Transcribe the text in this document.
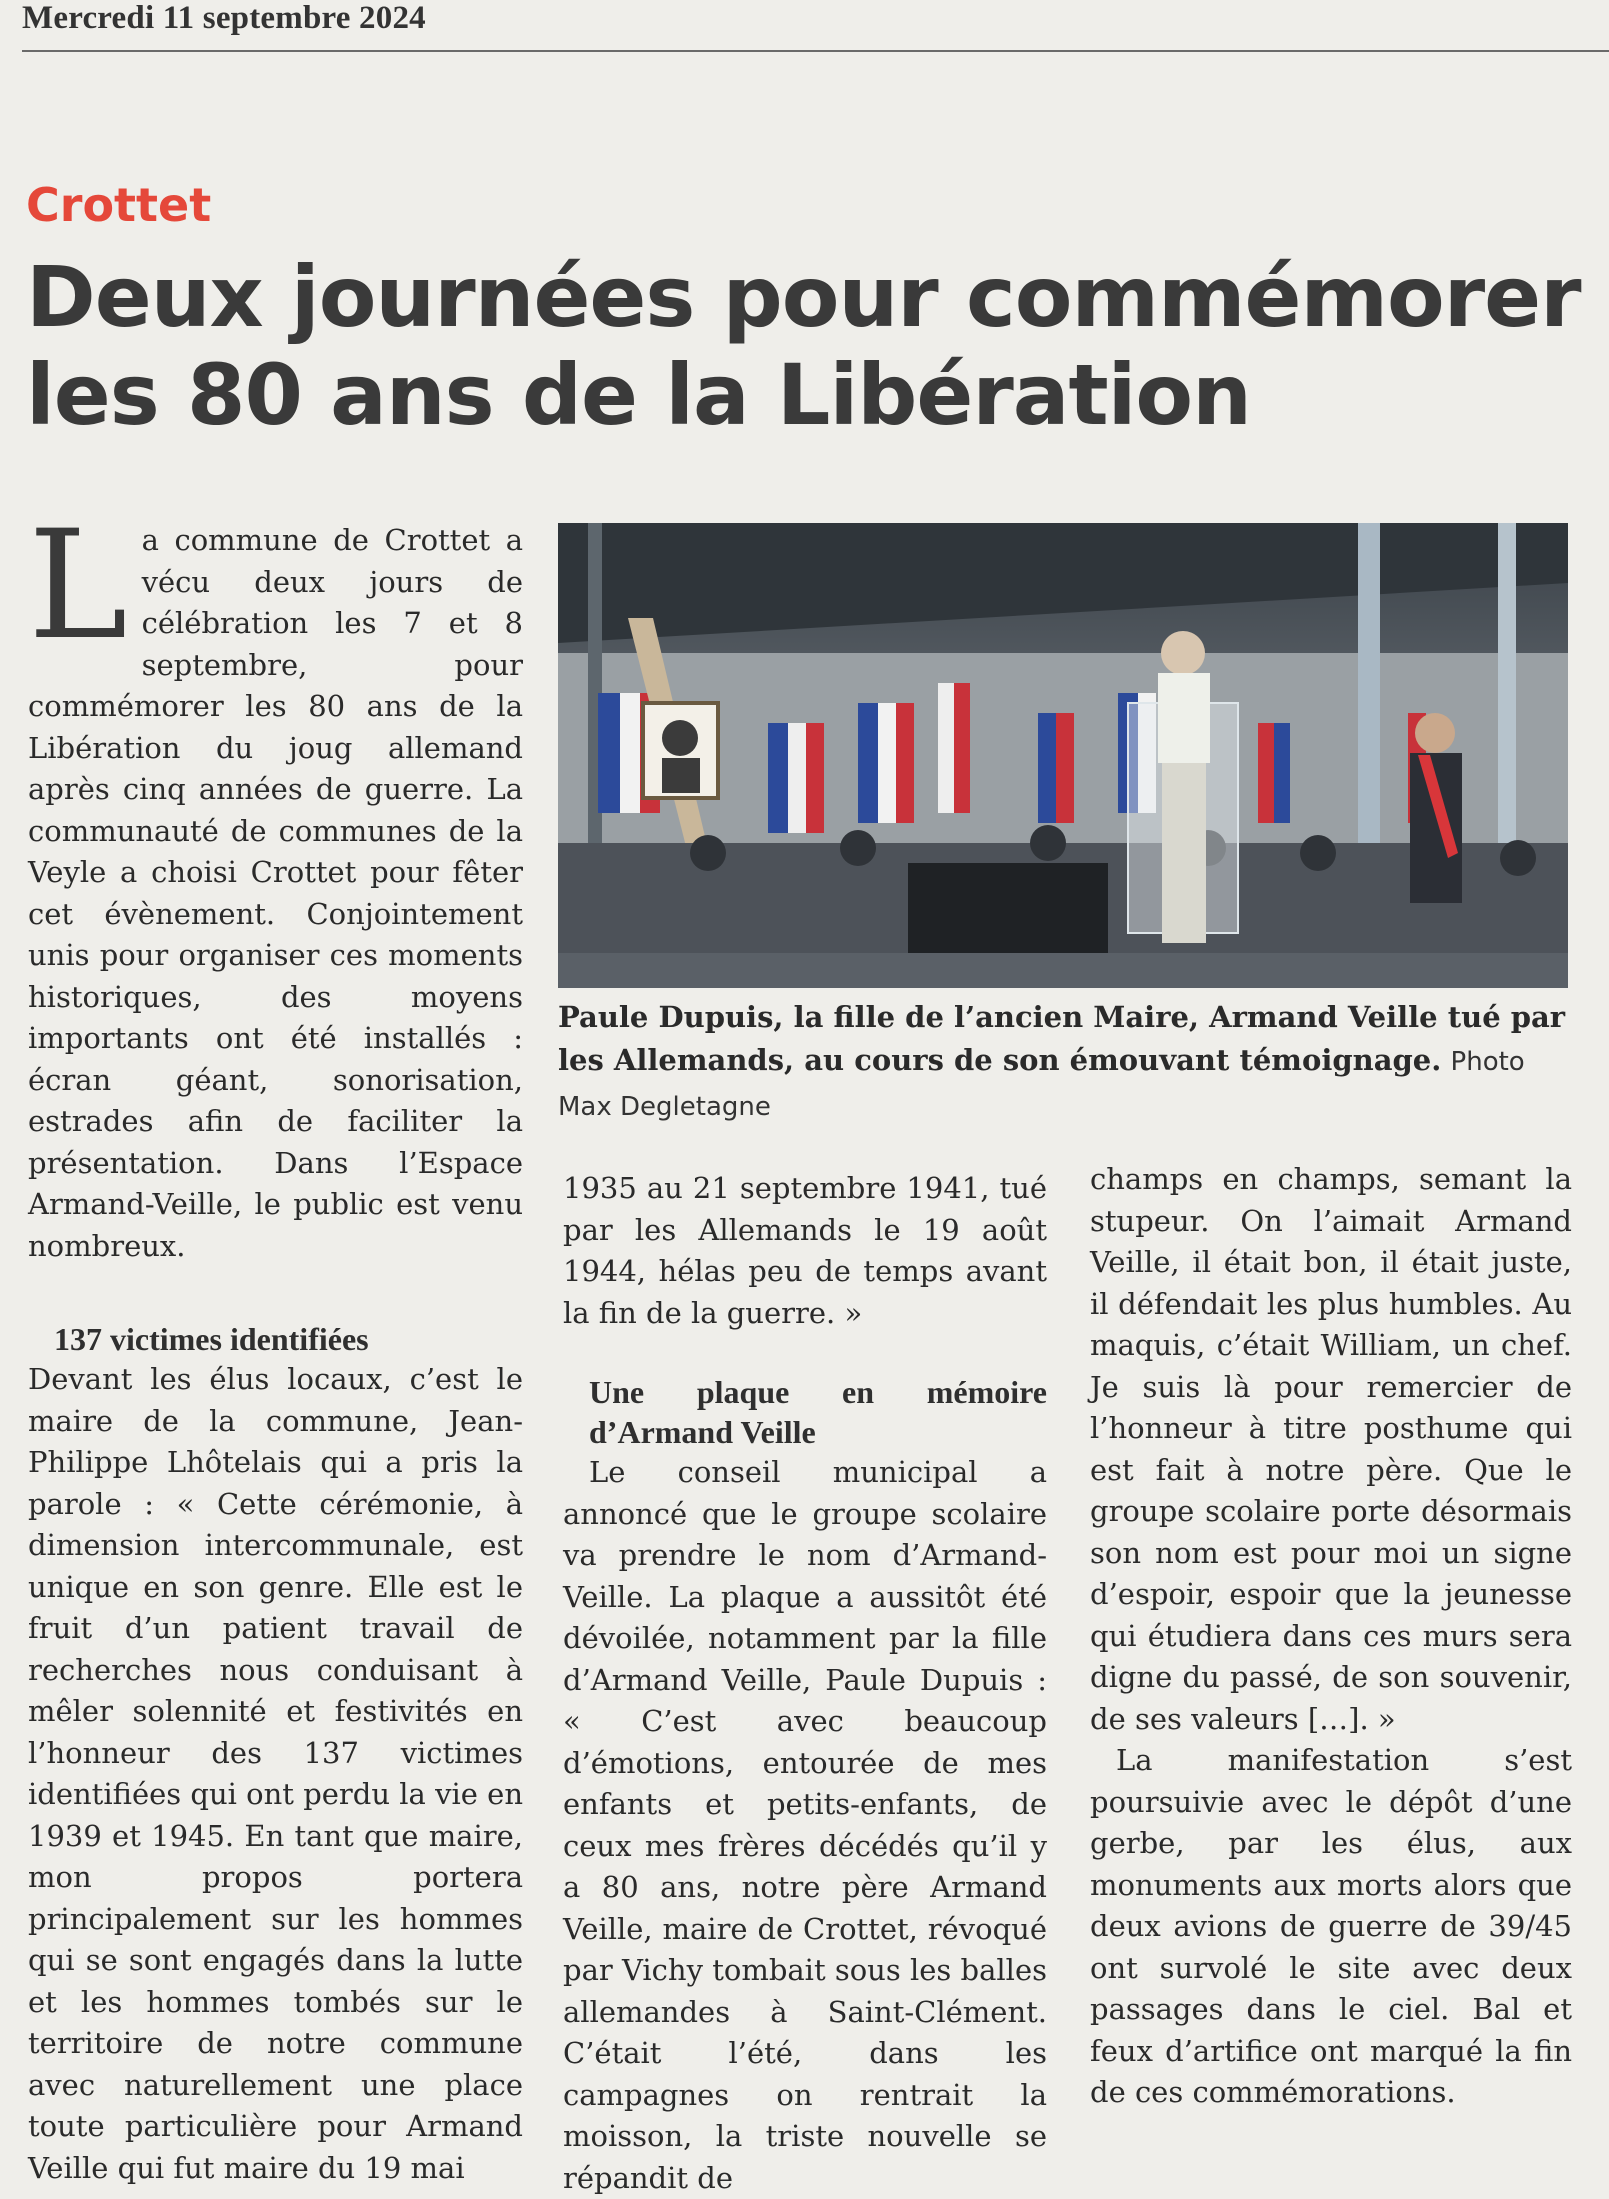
Mercredi 11 septembre 2024
Crottet
Deux journées pour commémorer les 80 ans de la Libération

La commune de Crottet a vécu deux jours de célébration les 7 et 8 septembre, pour commémorer les 80 ans de la Libération du joug allemand après cinq années de guerre. La communauté de communes de la Veyle a choisi Crottet pour fêter cet évènement. Conjointement unis pour organiser ces moments historiques, des moyens importants ont été installés : écran géant, sonorisation, estrades afin de faciliter la présentation. Dans l’Espace Armand-Veille, le public est venu nombreux.

137 victimes identifiées

Devant les élus locaux, c’est le maire de la commune, Jean-Philippe Lhôtelais qui a pris la parole : « Cette cérémonie, à dimension intercommunale, est unique en son genre. Elle est le fruit d’un patient travail de recherches nous conduisant à mêler solennité et festivités en l’honneur des 137 victimes identifiées qui ont perdu la vie en 1939 et 1945. En tant que maire, mon propos portera principalement sur les hommes qui se sont engagés dans la lutte et les hommes tombés sur le territoire de notre commune avec naturellement une place toute particulière pour Armand Veille qui fut maire du 19 mai

Paule Dupuis, la fille de l’ancien Maire, Armand Veille tué par les Allemands, au cours de son émouvant témoignage. Photo Max Degletagne

1935 au 21 septembre 1941, tué par les Allemands le 19 août 1944, hélas peu de temps avant la fin de la guerre. »

Une plaque en mémoire d’Armand Veille

Le conseil municipal a annoncé que le groupe scolaire va prendre le nom d’Armand-Veille. La plaque a aussitôt été dévoilée, notamment par la fille d’Armand Veille, Paule Dupuis : « C’est avec beaucoup d’émotions, entourée de mes enfants et petits-enfants, de ceux mes frères décédés qu’il y a 80 ans, notre père Armand Veille, maire de Crottet, révoqué par Vichy tombait sous les balles allemandes à Saint-Clément. C’était l’été, dans les campagnes on rentrait la moisson, la triste nouvelle se répandit de

champs en champs, semant la stupeur. On l’aimait Armand Veille, il était bon, il était juste, il défendait les plus humbles. Au maquis, c’était William, un chef. Je suis là pour remercier de l’honneur à titre posthume qui est fait à notre père. Que le groupe scolaire porte désormais son nom est pour moi un signe d’espoir, espoir que la jeunesse qui étudiera dans ces murs sera digne du passé, de son souvenir, de ses valeurs […]. »

La manifestation s’est poursuivie avec le dépôt d’une gerbe, par les élus, aux monuments aux morts alors que deux avions de guerre de 39/45 ont survolé le site avec deux passages dans le ciel. Bal et feux d’artifice ont marqué la fin de ces commémorations.
